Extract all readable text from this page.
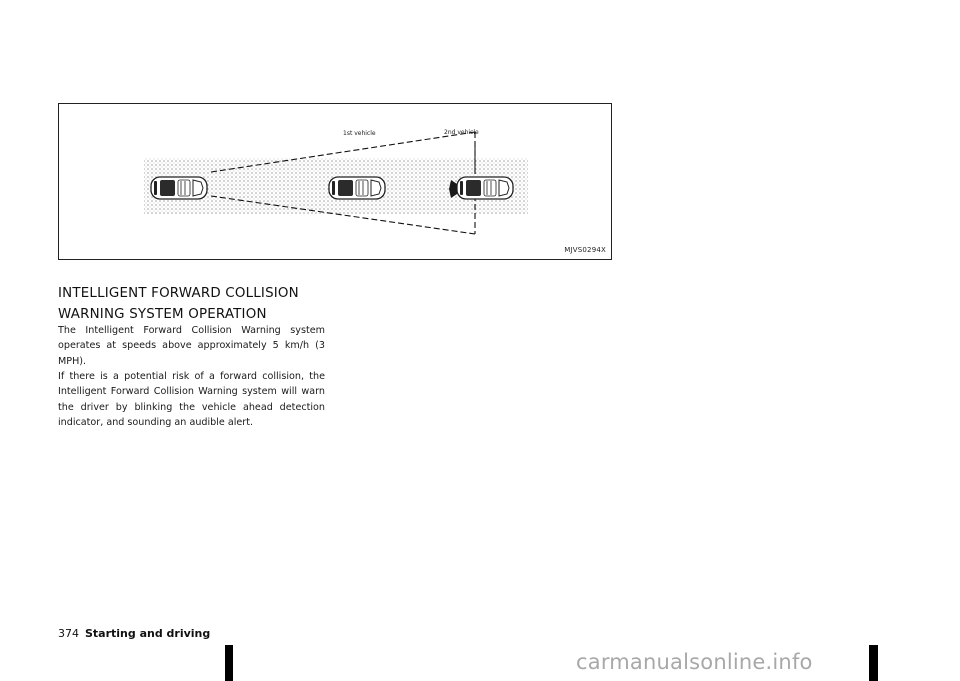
1st vehicle	2nd vehicle
MJVS0294X
INTELLIGENT FORWARD COLLISION
WARNING SYSTEM OPERATION

The Intelligent Forward Collision Warning system operates at speeds above approximately 5 km/h (3 MPH).

If there is a potential risk of a forward collision, the Intelligent Forward Collision Warning system will warn the driver by blinking the vehicle ahead detection indicator, and sounding an audible alert.

374 Starting and driving
carmanualsonline.info
